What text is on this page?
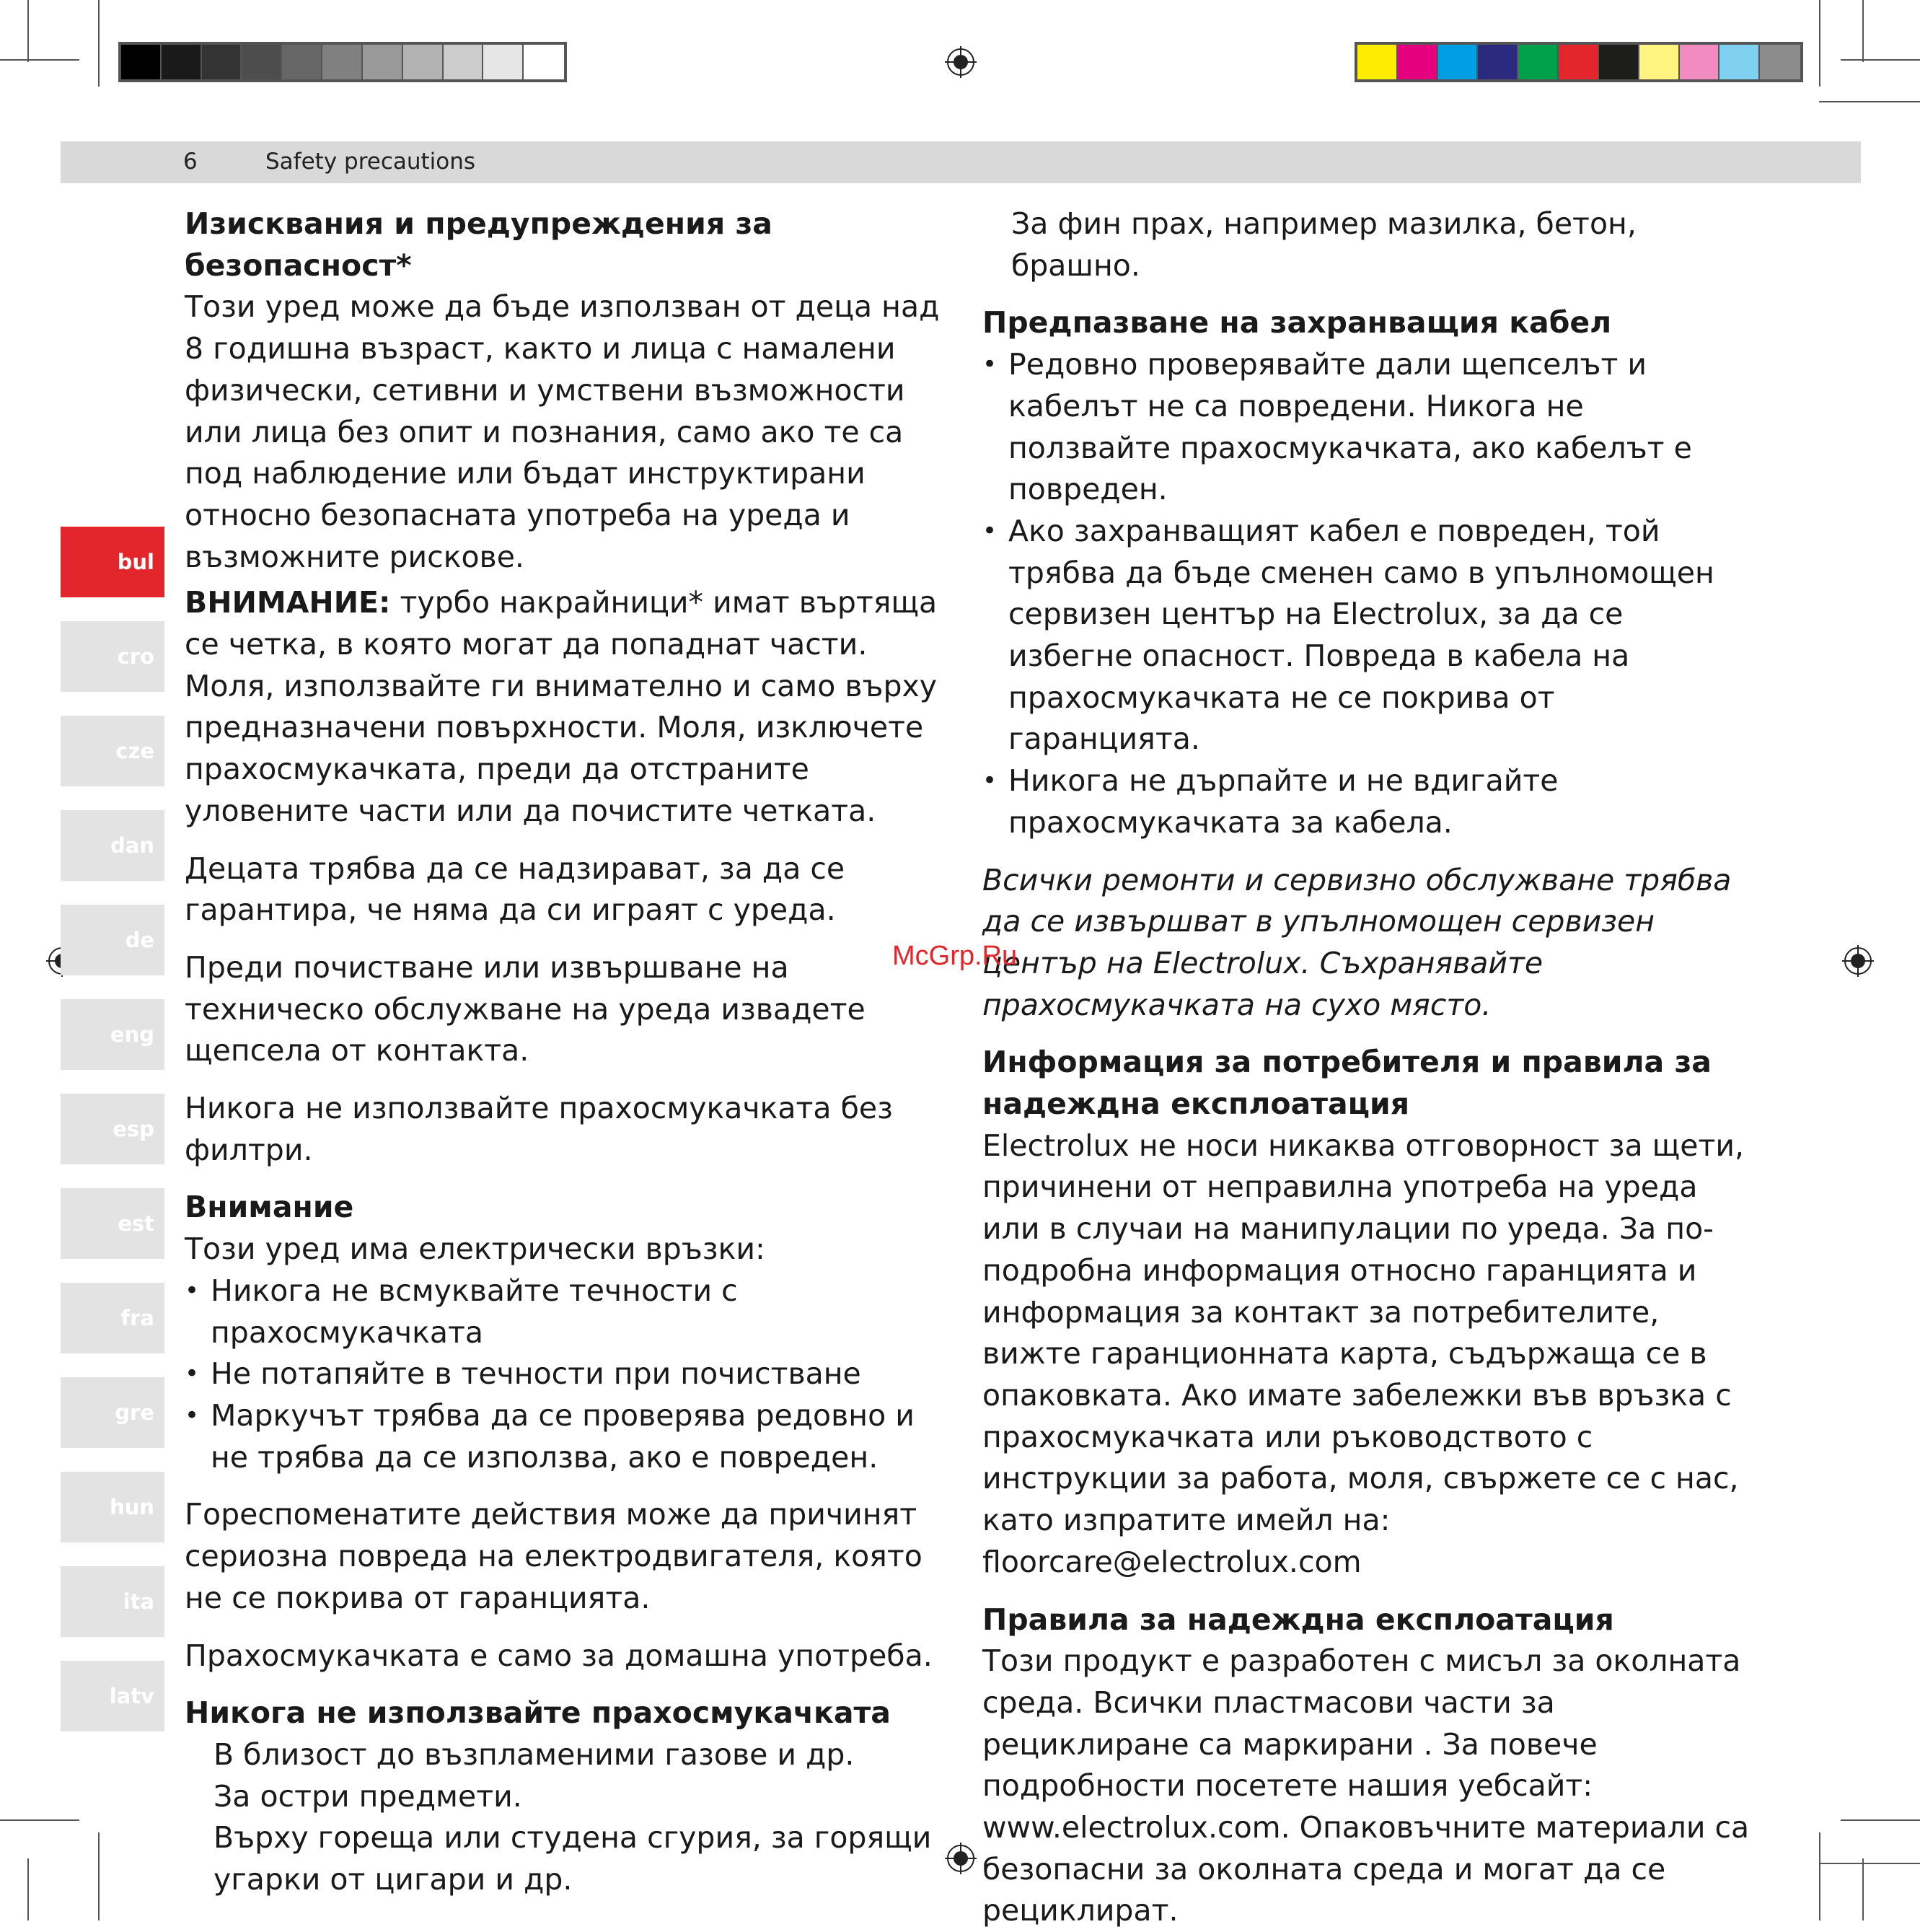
6	Safety precautions
bul
cro
cze
dan
de
eng
esp
est
fra
gre
hun
ita
latv
Изисквания и предупреждения за безопасност*

Този уред може да бъде използван от деца над 8 годишна възраст, както и лица с намалени физически, сетивни и умствени възможности или лица без опит и познания, само ако те са под наблюдение или бъдат инструктирани относно безопасната употреба на уреда и възможните рискове.

ВНИМАНИЕ: турбо накрайници* имат въртяща се четка, в която могат да попаднат части. Моля, използвайте ги внимателно и само върху предназначени повърхности. Моля, изключете прахосмукачката, преди да отстраните уловените части или да почистите четката.

Децата трябва да се надзирават, за да се гарантира, че няма да си играят с уреда.

Преди почистване или извършване на техническо обслужване на уреда извадете щепсела от контакта.

Никога не използвайте прахосмукачката без филтри.

Внимание

Този уред има електрически връзки:

• Никога не всмуквайте течности с прахосмукачката
• Не потапяйте в течности при почистване
• Маркучът трябва да се проверява редовно и не трябва да се използва, ако е повреден.

Гореспоменатите действия може да причинят сериозна повреда на електродвигателя, която не се покрива от гаранцията.

Прахосмукачката е само за домашна употреба.

Никога не използвайте прахосмукачката

В близост до възпламеними газове и др.

За остри предмети.

Върху гореща или студена сгурия, за горящи угарки от цигари и др.

За фин прах, например мазилка, бетон, брашно.

Предпазване на захранващия кабел
• Редовно проверявайте дали щепселът и кабелът не са повредени. Никога не ползвайте прахосмукачката, ако кабелът е повреден.
• Ако захранващият кабел е повреден, той трябва да бъде сменен само в упълномощен сервизен център на Electrolux, за да се избегне опасност. Повреда в кабела на прахосмукачката не се покрива от гаранцията.
• Никога не дърпайте и не вдигайте прахосмукачката за кабела.

Всички ремонти и сервизно обслужване трябва да се извършват в упълномощен сервизен център на Electrolux. Съхранявайте прахосмукачката на сухо място.

Информация за потребителя и правила за надеждна експлоатация

Electrolux не носи никаква отговорност за щети, причинени от неправилна употреба на уреда или в случаи на манипулации по уреда. За по-подробна информация относно гаранцията и информация за контакт за потребителите, вижте гаранционната карта, съдържаща се в опаковката. Ако имате забележки във връзка с прахосмукачката или ръководството с инструкции за работа, моля, свържете се с нас, като изпратите имейл на: floorcare@electrolux.com

Правила за надеждна експлоатация

Този продукт е разработен с мисъл за околната среда. Всички пластмасови части за рециклиране са маркирани . За повече подробности посетете нашия уебсайт: www.electrolux.com. Опаковъчните материали са безопасни за околната среда и могат да се рециклират.

McGrp.Ru
